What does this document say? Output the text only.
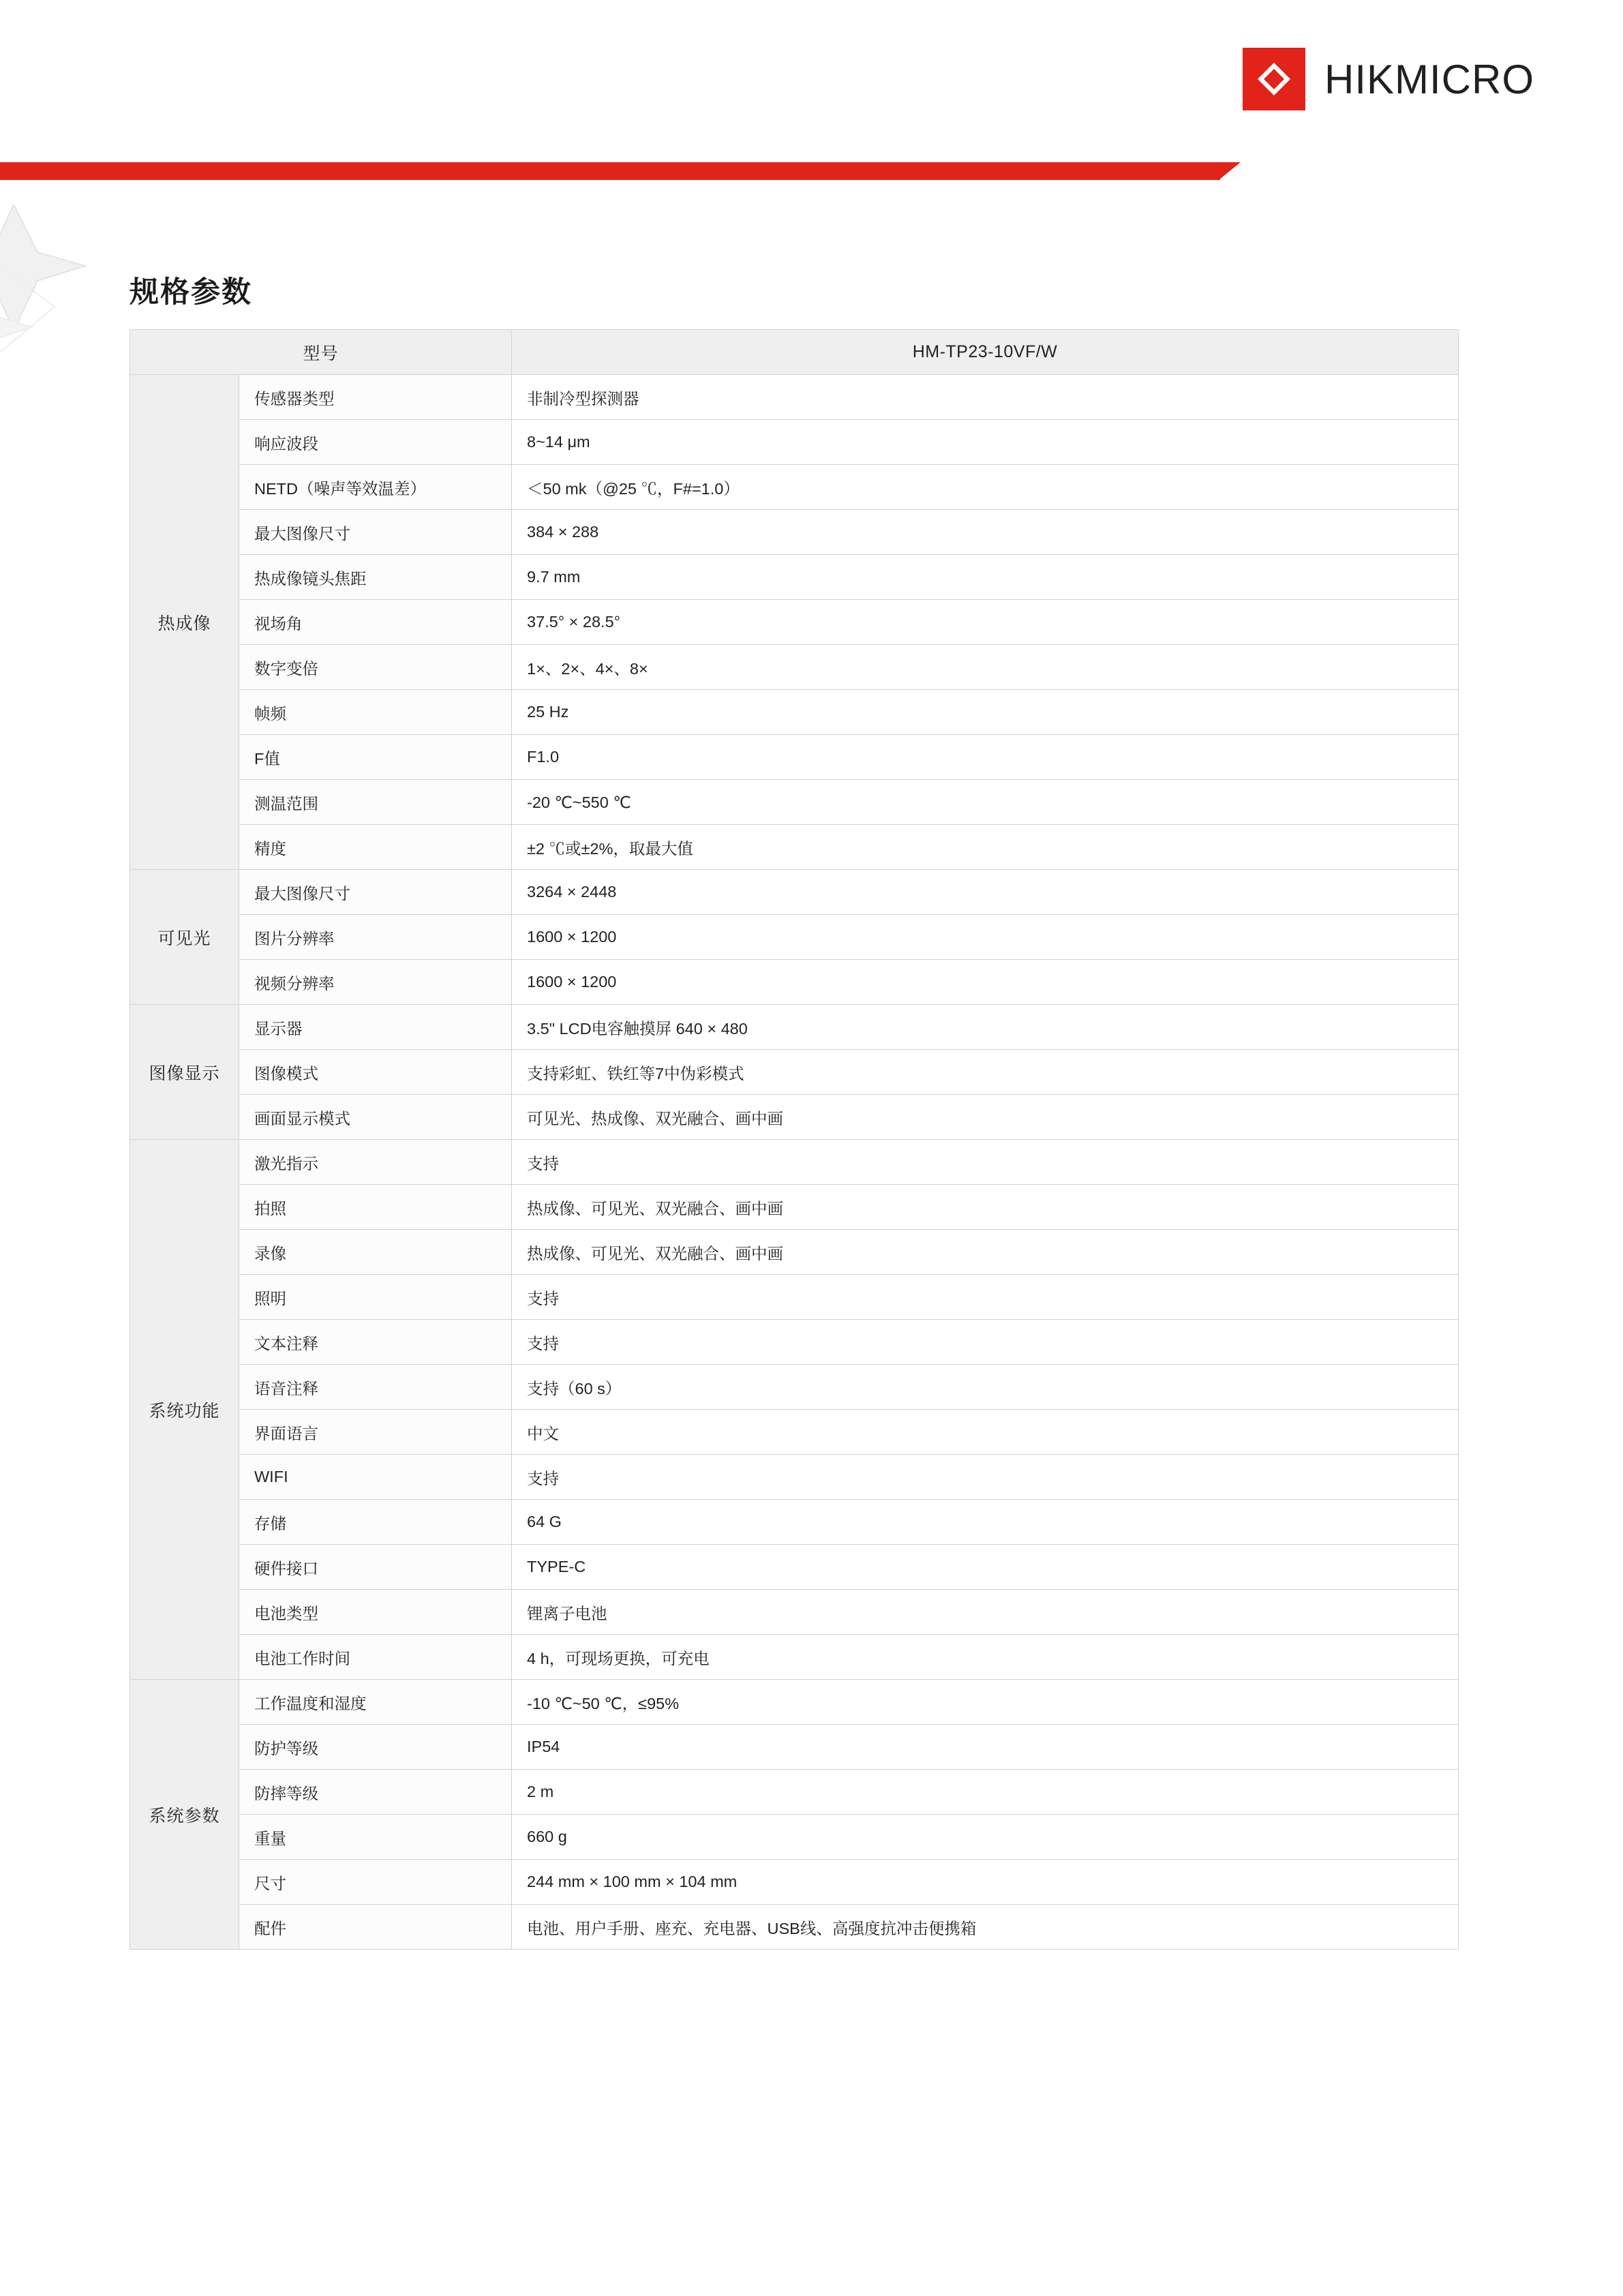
HIKMICRO
规格参数
型号		HM-TP23-10VF/W
热成像	传感器类型	非制冷型探测器
	响应波段	8~14 μm
	NETD（噪声等效温差）	＜50 mk（@25 ℃，F#=1.0）
	最大图像尺寸	384 × 288
	热成像镜头焦距	9.7 mm
	视场角	37.5° × 28.5°
	数字变倍	1×、2×、4×、8×
	帧频	25 Hz
	F值	F1.0
	测温范围	-20 ℃~550 ℃
	精度	±2 ℃或±2%，取最大值
可见光	最大图像尺寸	3264 × 2448
	图片分辨率	1600 × 1200
	视频分辨率	1600 × 1200
图像显示	显示器	3.5" LCD电容触摸屏 640 × 480
	图像模式	支持彩虹、铁红等7中伪彩模式
	画面显示模式	可见光、热成像、双光融合、画中画
系统功能	激光指示	支持
	拍照	热成像、可见光、双光融合、画中画
	录像	热成像、可见光、双光融合、画中画
	照明	支持
	文本注释	支持
	语音注释	支持（60 s）
	界面语言	中文
	WIFI	支持
	存储	64 G
	硬件接口	TYPE-C
	电池类型	锂离子电池
	电池工作时间	4 h，可现场更换，可充电
系统参数	工作温度和湿度	-10 ℃~50 ℃，≤95%
	防护等级	IP54
	防摔等级	2 m
	重量	660 g
	尺寸	244 mm × 100 mm × 104 mm
	配件	电池、用户手册、座充、充电器、USB线、高强度抗冲击便携箱
